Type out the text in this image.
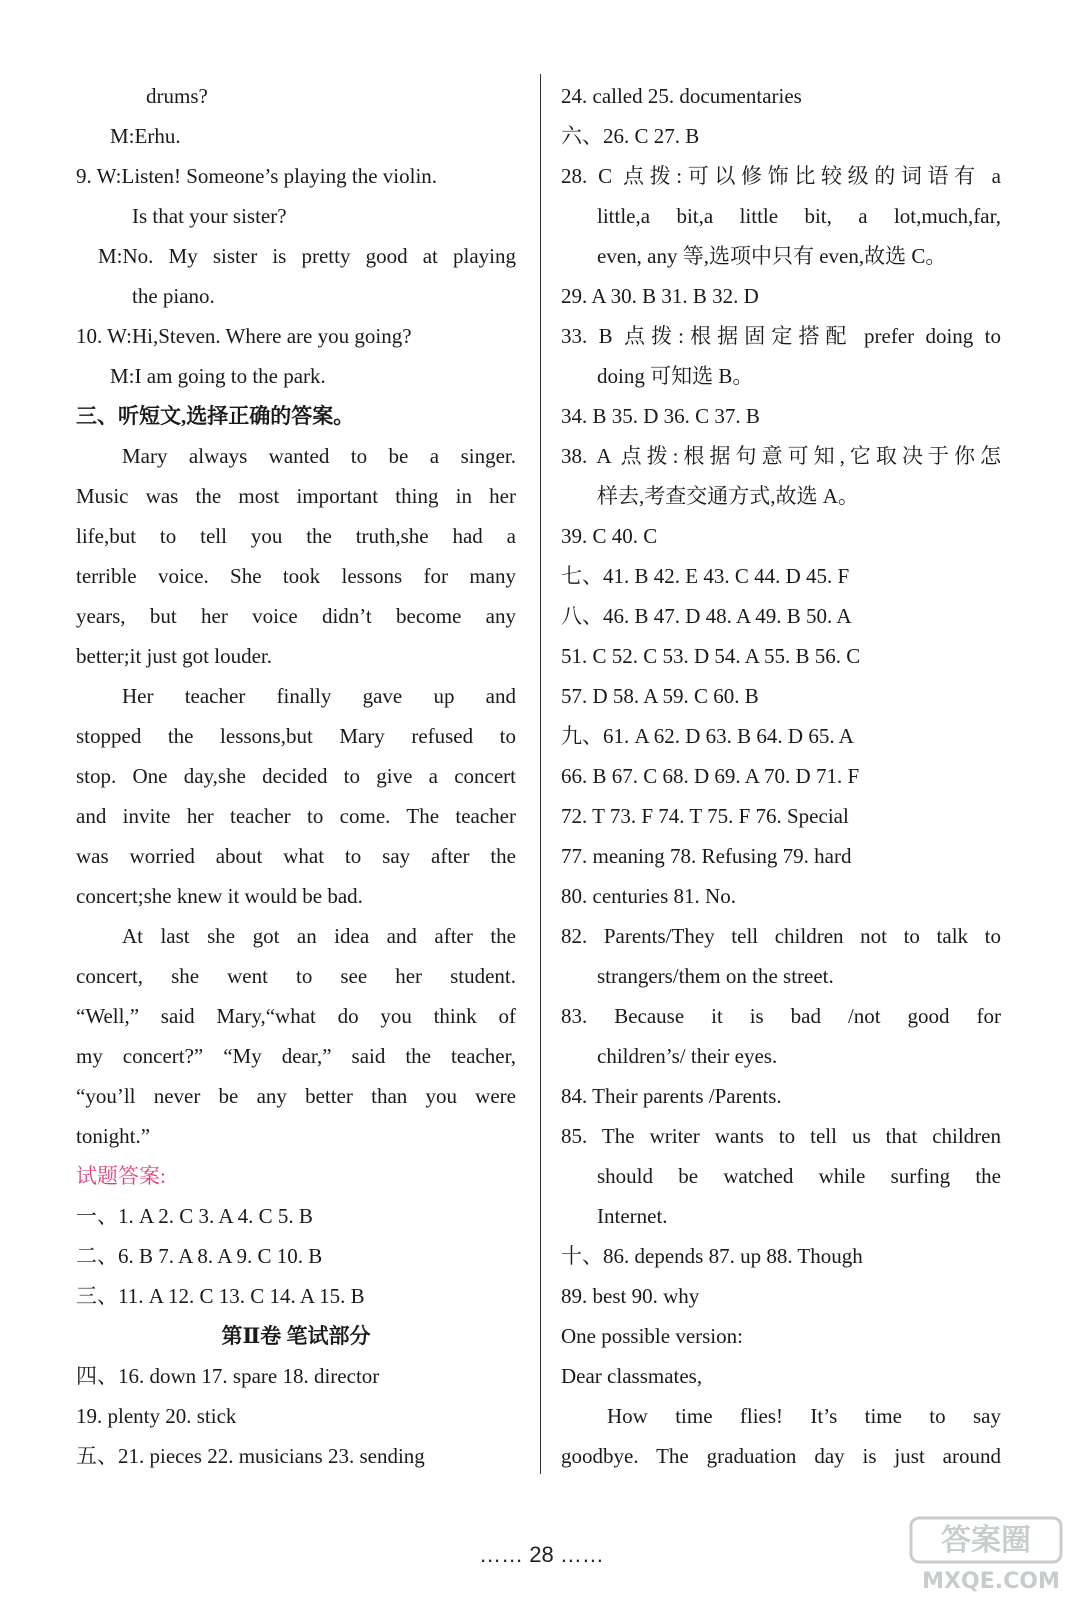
drums?
M:Erhu.
9. W:Listen! Someone’s playing the violin.
Is that your sister?
M:No. My sister is pretty good at playing
the piano.
10. W:Hi,Steven. Where are you going?
M:I am going to the park.
三、听短文,选择正确的答案。
Mary always wanted to be a singer.
Music was the most important thing in her
life,but to tell you the truth,she had a
terrible voice. She took lessons for many
years, but her voice didn’t become any
better;it just got louder.
Her teacher finally gave up and
stopped the lessons,but Mary refused to
stop. One day,she decided to give a concert
and invite her teacher to come. The teacher
was worried about what to say after the
concert;she knew it would be bad.
At last she got an idea and after the
concert, she went to see her student.
“Well,” said Mary,“what do you think of
my concert?” “My dear,” said the teacher,
“you’ll never be any better than you were
tonight.”
试题答案:
一、1. A 2. C 3. A 4. C 5. B
二、6. B 7. A 8. A 9. C 10. B
三、11. A 12. C 13. C 14. A 15. B
第Ⅱ卷 笔试部分
四、16. down 17. spare 18. director
19. plenty 20. stick
五、21. pieces 22. musicians 23. sending
24. called 25. documentaries
六、26. C 27. B
28. C 点拨:可以修饰比较级的词语有 a
little,a bit,a little bit, a lot,much,far,
even, any 等,选项中只有 even,故选 C。
29. A 30. B 31. B 32. D
33. B 点拨:根据固定搭配 prefer doing to
doing 可知选 B。
34. B 35. D 36. C 37. B
38. A 点拨:根据句意可知,它取决于你怎
样去,考查交通方式,故选 A。
39. C 40. C
七、41. B 42. E 43. C 44. D 45. F
八、46. B 47. D 48. A 49. B 50. A
51. C 52. C 53. D 54. A 55. B 56. C
57. D 58. A 59. C 60. B
九、61. A 62. D 63. B 64. D 65. A
66. B 67. C 68. D 69. A 70. D 71. F
72. T 73. F 74. T 75. F 76. Special
77. meaning 78. Refusing 79. hard
80. centuries 81. No.
82. Parents/They tell children not to talk to
strangers/them on the street.
83. Because it is bad /not good for
children’s/ their eyes.
84. Their parents /Parents.
85. The writer wants to tell us that children
should be watched while surfing the
Internet.
十、86. depends 87. up 88. Though
89. best 90. why
One possible version:
Dear classmates,
How time flies! It’s time to say
goodbye. The graduation day is just around
…… 28 ……	答案圈
MXQE.COM
